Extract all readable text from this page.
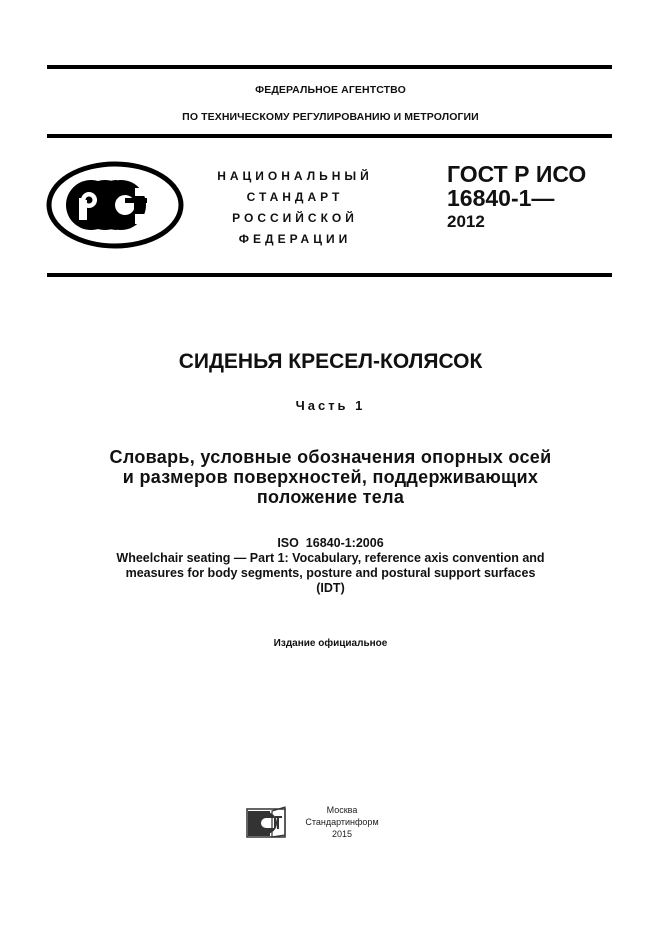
ФЕДЕРАЛЬНОЕ АГЕНТСТВО
ПО ТЕХНИЧЕСКОМУ РЕГУЛИРОВАНИЮ И МЕТРОЛОГИИ
НАЦИОНАЛЬНЫЙ
СТАНДАРТ
РОССИЙСКОЙ
ФЕДЕРАЦИИ
ГОСТ Р ИСО
16840-1—
2012
СИДЕНЬЯ КРЕСЕЛ-КОЛЯСОК
Часть 1
Словарь, условные обозначения опорных осей
и размеров поверхностей, поддерживающих
положение тела
ISO  16840-1:2006
Wheelchair seating — Part 1: Vocabulary, reference axis convention and
measures for body segments, posture and postural support surfaces
(IDT)
Издание официальное
Москва
Стандартинформ
2015
